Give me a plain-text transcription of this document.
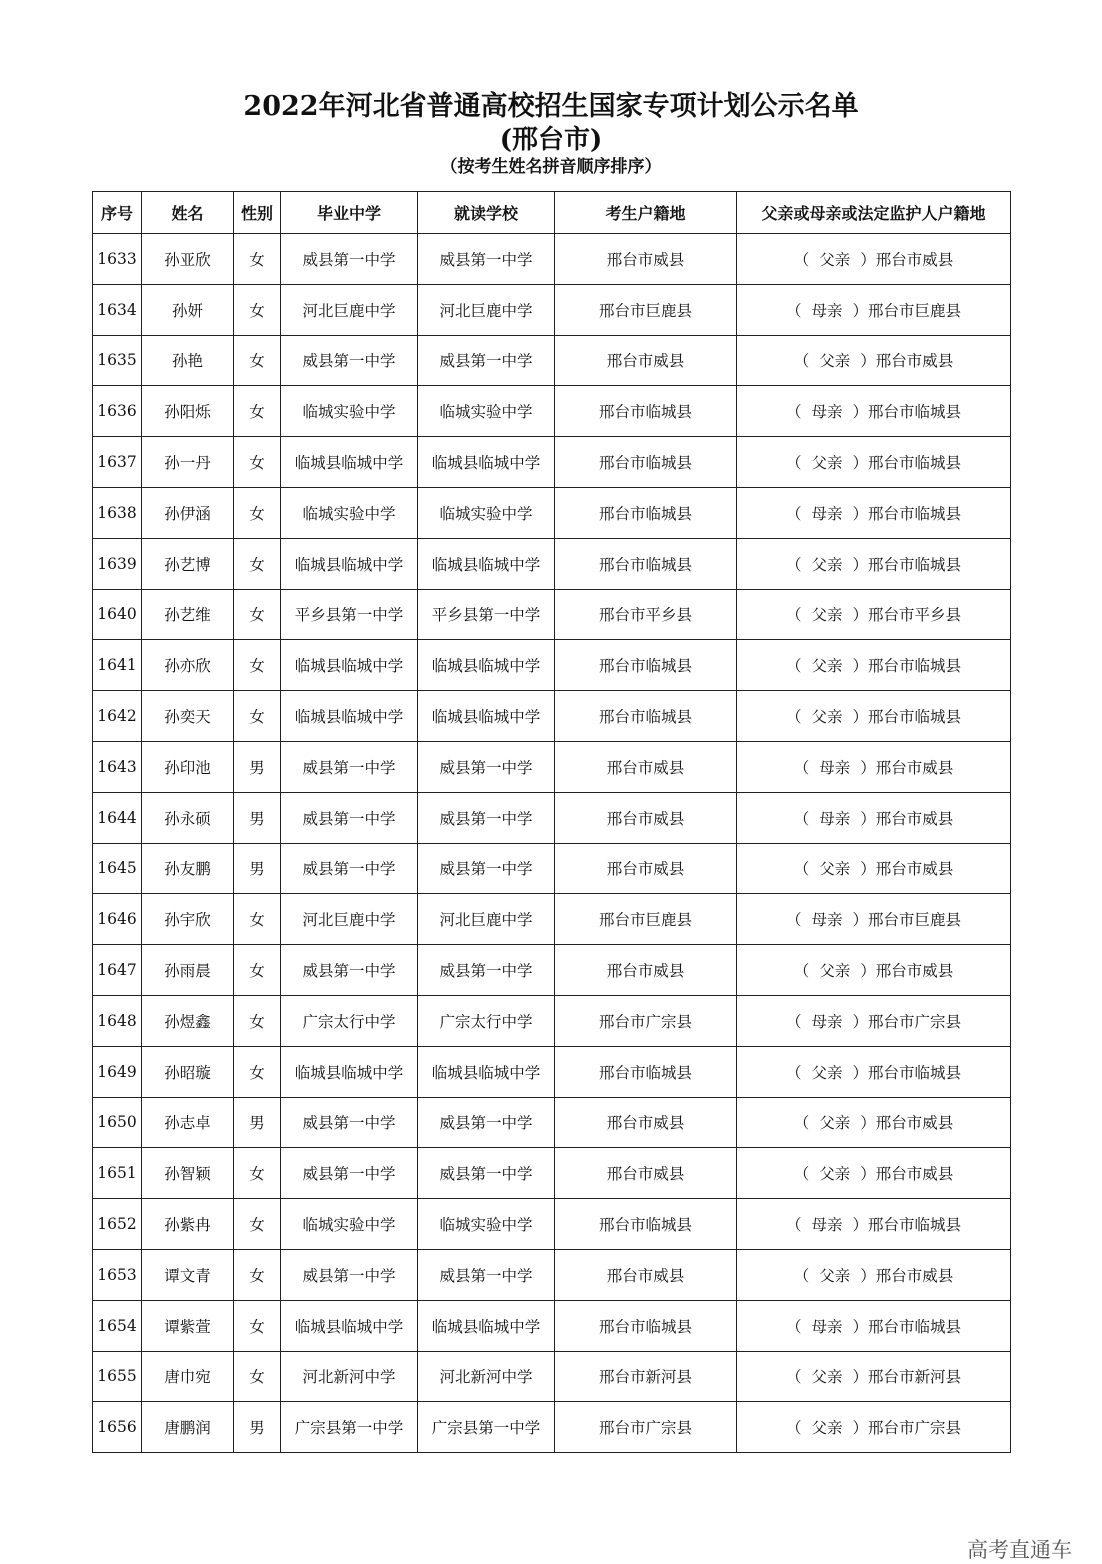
2022年河北省普通高校招生国家专项计划公示名单
(邢台市)
（按考生姓名拼音顺序排序）
序号	姓名	性别	毕业中学	就读学校	考生户籍地	父亲或母亲或法定监护人户籍地
1633	孙亚欣	女	威县第一中学	威县第一中学	邢台市威县	（ 父亲 ）邢台市威县
1634	孙妍	女	河北巨鹿中学	河北巨鹿中学	邢台市巨鹿县	（ 母亲 ）邢台市巨鹿县
1635	孙艳	女	威县第一中学	威县第一中学	邢台市威县	（ 父亲 ）邢台市威县
1636	孙阳烁	女	临城实验中学	临城实验中学	邢台市临城县	（ 母亲 ）邢台市临城县
1637	孙一丹	女	临城县临城中学	临城县临城中学	邢台市临城县	（ 父亲 ）邢台市临城县
1638	孙伊涵	女	临城实验中学	临城实验中学	邢台市临城县	（ 母亲 ）邢台市临城县
1639	孙艺博	女	临城县临城中学	临城县临城中学	邢台市临城县	（ 父亲 ）邢台市临城县
1640	孙艺维	女	平乡县第一中学	平乡县第一中学	邢台市平乡县	（ 父亲 ）邢台市平乡县
1641	孙亦欣	女	临城县临城中学	临城县临城中学	邢台市临城县	（ 父亲 ）邢台市临城县
1642	孙奕天	女	临城县临城中学	临城县临城中学	邢台市临城县	（ 父亲 ）邢台市临城县
1643	孙印池	男	威县第一中学	威县第一中学	邢台市威县	（ 母亲 ）邢台市威县
1644	孙永硕	男	威县第一中学	威县第一中学	邢台市威县	（ 母亲 ）邢台市威县
1645	孙友鹏	男	威县第一中学	威县第一中学	邢台市威县	（ 父亲 ）邢台市威县
1646	孙宇欣	女	河北巨鹿中学	河北巨鹿中学	邢台市巨鹿县	（ 母亲 ）邢台市巨鹿县
1647	孙雨晨	女	威县第一中学	威县第一中学	邢台市威县	（ 父亲 ）邢台市威县
1648	孙煜鑫	女	广宗太行中学	广宗太行中学	邢台市广宗县	（ 母亲 ）邢台市广宗县
1649	孙昭璇	女	临城县临城中学	临城县临城中学	邢台市临城县	（ 父亲 ）邢台市临城县
1650	孙志卓	男	威县第一中学	威县第一中学	邢台市威县	（ 父亲 ）邢台市威县
1651	孙智颖	女	威县第一中学	威县第一中学	邢台市威县	（ 父亲 ）邢台市威县
1652	孙紫冉	女	临城实验中学	临城实验中学	邢台市临城县	（ 母亲 ）邢台市临城县
1653	谭文青	女	威县第一中学	威县第一中学	邢台市威县	（ 父亲 ）邢台市威县
1654	谭紫萱	女	临城县临城中学	临城县临城中学	邢台市临城县	（ 母亲 ）邢台市临城县
1655	唐巾宛	女	河北新河中学	河北新河中学	邢台市新河县	（ 父亲 ）邢台市新河县
1656	唐鹏润	男	广宗县第一中学	广宗县第一中学	邢台市广宗县	（ 父亲 ）邢台市广宗县
高考直通车
